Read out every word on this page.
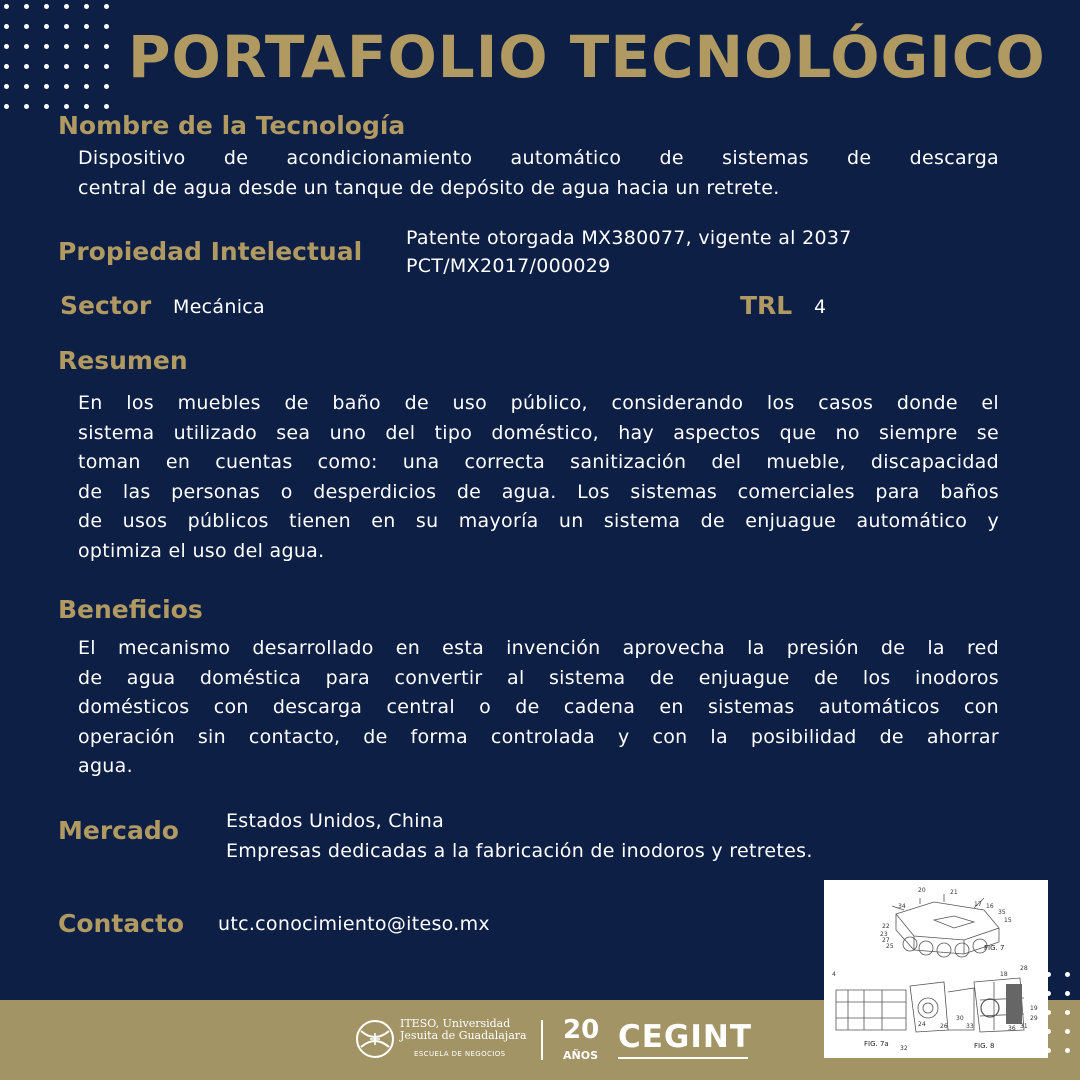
PORTAFOLIO TECNOLÓGICO
Nombre de la Tecnología
Dispositivo de acondicionamiento automático de sistemas de descarga
central de agua desde un tanque de depósito de agua hacia un retrete.
Propiedad Intelectual Patente otorgada MX380077, vigente al 2037
PCT/MX2017/000029
Sector Mecánica	TRL 4

Resumen
En los muebles de baño de uso público, considerando los casos donde el
sistema utilizado sea uno del tipo doméstico, hay aspectos que no siempre se
toman en cuentas como: una correcta sanitización del mueble, discapacidad
de las personas o desperdicios de agua. Los sistemas comerciales para baños
de usos públicos tienen en su mayoría un sistema de enjuague automático y
optimiza el uso del agua.
Beneficios
El mecanismo desarrollado en esta invención aprovecha la presión de la red
de agua doméstica para convertir al sistema de enjuague de los inodoros
domésticos con descarga central o de cadena en sistemas automáticos con
operación sin contacto, de forma controlada y con la posibilidad de ahorrar
agua.
Mercado Estados Unidos, China
Empresas dedicadas a la fabricación de inodoros y retretes.
Contacto utc.conocimiento@iteso.mx

ITESO, Universidad
Jesuita de Guadalajara

ESCUELA DE NEGOCIOS

20

AÑOS

CEGINT

20	21
34	17 16
35
15
22
27
25
23
4
24 26
30
32
33	36 31
19
29
18
28
FIG. 7
FIG. 7a	FIG. 8
